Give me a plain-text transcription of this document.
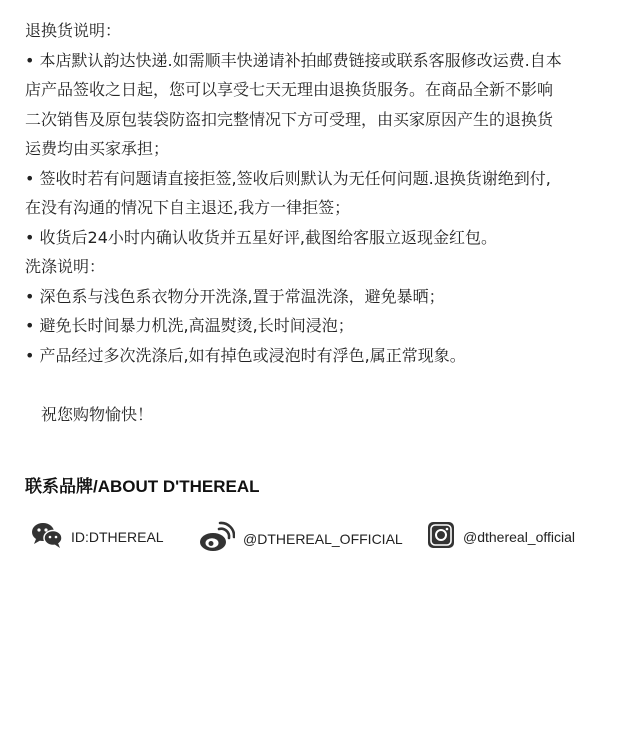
退换货说明：
• 本店默认韵达快递.如需顺丰快递请补拍邮费链接或联系客服修改运费.自本
店产品签收之日起，您可以享受七天无理由退换货服务。在商品全新不影响
二次销售及原包装袋防盗扣完整情况下方可受理，由买家原因产生的退换货
运费均由买家承担；
• 签收时若有问题请直接拒签,签收后则默认为无任何问题.退换货谢绝到付,
在没有沟通的情况下自主退还,我方一律拒签；
• 收货后24小时内确认收货并五星好评,截图给客服立返现金红包。
洗涤说明：
• 深色系与浅色系衣物分开洗涤,置于常温洗涤，避免暴晒；
• 避免长时间暴力机洗,高温熨烫,长时间浸泡；
• 产品经过多次洗涤后,如有掉色或浸泡时有浮色,属正常现象。
祝您购物愉快！
联系品牌/ABOUT D'THEREAL
ID:DTHEREAL	@DTHEREAL_OFFICIAL	@dthereal_official
